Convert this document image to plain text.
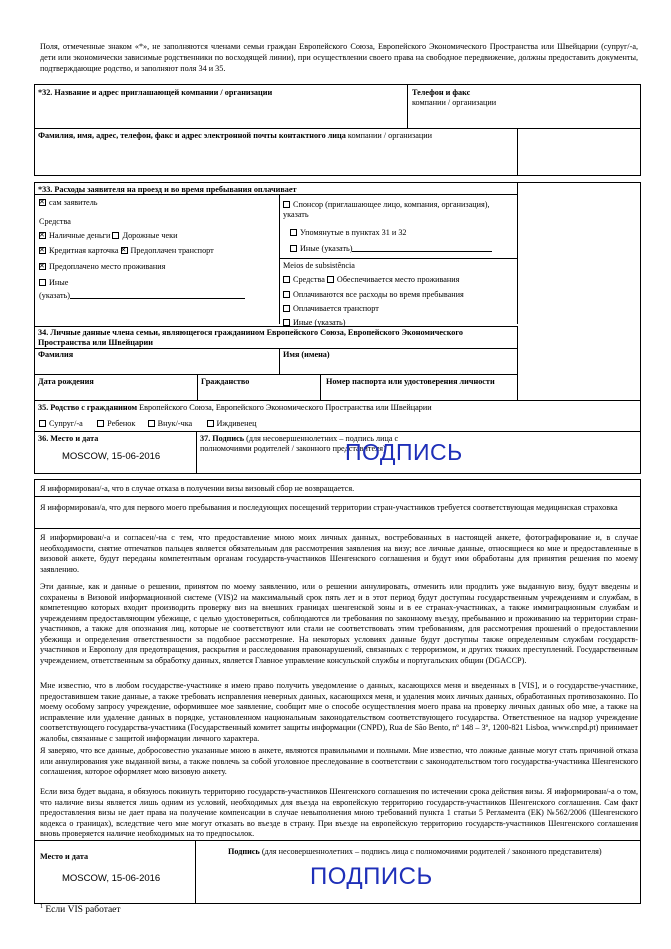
Поля, отмеченные знаком «*», не заполняются членами семьи граждан Европейского Союза, Европейского Экономического Пространства или Швейцарии (супруг/-а, дети или экономически зависимые родственники по восходящей линии), при осуществлении своего права на свободное передвижение, должны предоставить документы, подтверждающие родство, и заполняют поля 34 и 35.
*32. Название и адрес приглашающей компании / организации	Телефон и факс
компании / организации
Фамилия, имя, адрес, телефон, факс и адрес электронной почты контактного лица компании / организации
*33. Расходы заявителя на проезд и во время пребывания оплачивает
✕сам заявитель
Средства
✕Наличные деньги Дорожные чеки
✕Кредитная карточка ✕ Предоплачен транспорт
✕Предоплачено место проживания
Иные
(указать)
Спонсор (приглашающее лицо, компания, организация), указать
Упомянутые в пунктах 31 и 32
Иные (указать)
Meios de subsistência
Средства Обеспечивается место проживания
Оплачиваются все расходы во время пребывания
Оплачивается транспорт
Иные (указать)
34. Личные данные члена семьи, являющегося гражданином Европейского Союза, Европейского Экономического Пространства или Швейцарии
Фамилия	Имя (имена)
Дата рождения	Гражданство	Номер паспорта или удостоверения личности
35. Родство с гражданином Европейского Союза, Европейского Экономического Пространства или Швейцарии
Супруг/-а	Ребенок	Внук/-чка	Иждивенец
36. Место и дата
MOSCOW, 15-06-2016
37. Подпись (для несовершеннолетних – подпись лица с полномочиями родителей / законного представителя)
ПОДПИСЬ
Я информирован/-а, что в случае отказа в получении визы визовый сбор не возвращается.
Я информирован/а, что для первого моего пребывания и последующих посещений территории стран-участников требуется соответствующая медицинская страховка
Я информирован/-а и согласен/-на с тем, что предоставление мною моих личных данных, востребованных в настоящей анкете, фотографирование и, в случае необходимости, снятие отпечатков пальцев является обязательным для рассмотрения заявления на визу; все личные данные, относящиеся ко мне и предоставленные в визовой анкете, будут переданы компетентным органам государств-участников Шенгенского соглашения и будут ими обработаны для принятия решения по моему заявлению.
Эти данные, как и данные о решении, принятом по моему заявлению, или о решении аннулировать, отменить или продлить уже выданную визу, будут введены и сохранены в Визовой информационной системе (VIS)2 на максимальный срок пять лет и в этот период будут доступны государственным учреждениям и службам, в компетенцию которых входит производить проверку виз на внешних границах шенгенской зоны и в ее странах-участниках, а также иммиграционным службам и учреждениям предоставляющим убежище, с целью удостовериться, соблюдаются ли требования по законному въезду, пребыванию и проживанию на территории стран-участников, а также для опознания лиц, которые не соответствуют или стали не соответствовать этим требованиям, для рассмотрения прошений о предоставлении убежища и определения ответственности за подобное рассмотрение. На некоторых условиях данные будут доступны также определенным службам государств-участников и Европолу для предотвращения, раскрытия и расследования правонарушений, связанных с терроризмом, и других тяжких преступлений. Государственным учреждением, ответственным за обработку данных, является Главное управление консульской службы и португальских общин (DGACCP).
Мне известно, что в любом государстве-участнике я имею право получить уведомление о данных, касающихся меня и введенных в [VIS], и о государстве-участнике, предоставившем такие данные, а также требовать исправления неверных данных, касающихся меня, и удаления моих личных данных, обработанных противозаконно. По моему особому запросу учреждение, оформившее мое заявление, сообщит мне о способе осуществления моего права на проверку личных данных обо мне, а также на исправление или удаление данных в порядке, установленном национальным законодательством соответствующего государства. Ответственное на надзор учреждение соответствующего государства-участника (Государственный комитет защиты информации (CNPD), Rua de São Bento, nº 148 – 3º, 1200-821 Lisboa, www.cnpd.pt) принимает жалобы, связанные с защитой информации личного характера.
Я заверяю, что все данные, добросовестно указанные мною в анкете, являются правильными и полными. Мне известно, что ложные данные могут стать причиной отказа или аннулирования уже выданной визы, а также повлечь за собой уголовное преследование в соответствии с законодательством того государства-участника Шенгенского соглашения, которое оформляет мою визовую анкету.
Если виза будет выдана, я обязуюсь покинуть территорию государств-участников Шенгенского соглашения по истечении срока действия визы. Я информирован/-а о том, что наличие визы является лишь одним из условий, необходимых для въезда на европейскую территорию государств-участников Шенгенского соглашения. Сам факт предоставления визы не дает права на получение компенсации в случае невыполнения мною требований пункта 1 статьи 5 Регламента (ЕК) №562/2006 (Шенгенского кодекса о границах), вследствие чего мне могут отказать во въезде в страну. При въезде на европейскую территорию государств-участников Шенгенского соглашения вновь проверяется наличие необходимых на то предпосылок.
Место и дата
MOSCOW, 15-06-2016
Подпись (для несовершеннолетних – подпись лица с полномочиями родителей / законного представителя)
ПОДПИСЬ
$^1$ Если VIS работает
